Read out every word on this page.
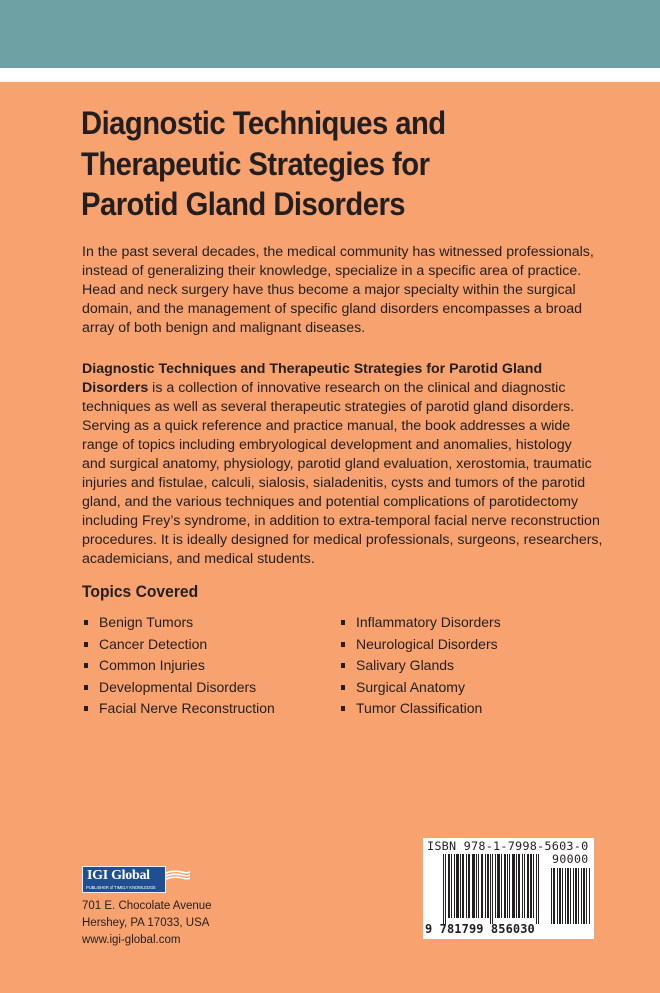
Diagnostic Techniques and
Therapeutic Strategies for
Parotid Gland Disorders
In the past several decades, the medical community has witnessed professionals,
instead of generalizing their knowledge, specialize in a specific area of practice.
Head and neck surgery have thus become a major specialty within the surgical
domain, and the management of specific gland disorders encompasses a broad
array of both benign and malignant diseases.
Diagnostic Techniques and Therapeutic Strategies for Parotid Gland
Disorders is a collection of innovative research on the clinical and diagnostic
techniques as well as several therapeutic strategies of parotid gland disorders.
Serving as a quick reference and practice manual, the book addresses a wide
range of topics including embryological development and anomalies, histology
and surgical anatomy, physiology, parotid gland evaluation, xerostomia, traumatic
injuries and fistulae, calculi, sialosis, sialadenitis, cysts and tumors of the parotid
gland, and the various techniques and potential complications of parotidectomy
including Frey’s syndrome, in addition to extra-temporal facial nerve reconstruction
procedures. It is ideally designed for medical professionals, surgeons, researchers,
academicians, and medical students.
Topics Covered
Benign Tumors
Cancer Detection
Common Injuries
Developmental Disorders
Facial Nerve Reconstruction
Inflammatory Disorders
Neurological Disorders
Salivary Glands
Surgical Anatomy
Tumor Classification
IGI Global
PUBLISHER of TIMELY KNOWLEDGE
701 E. Chocolate Avenue
Hershey, PA 17033, USA
www.igi-global.com
ISBN 978-1-7998-5603-0
90000
9 781799 856030
